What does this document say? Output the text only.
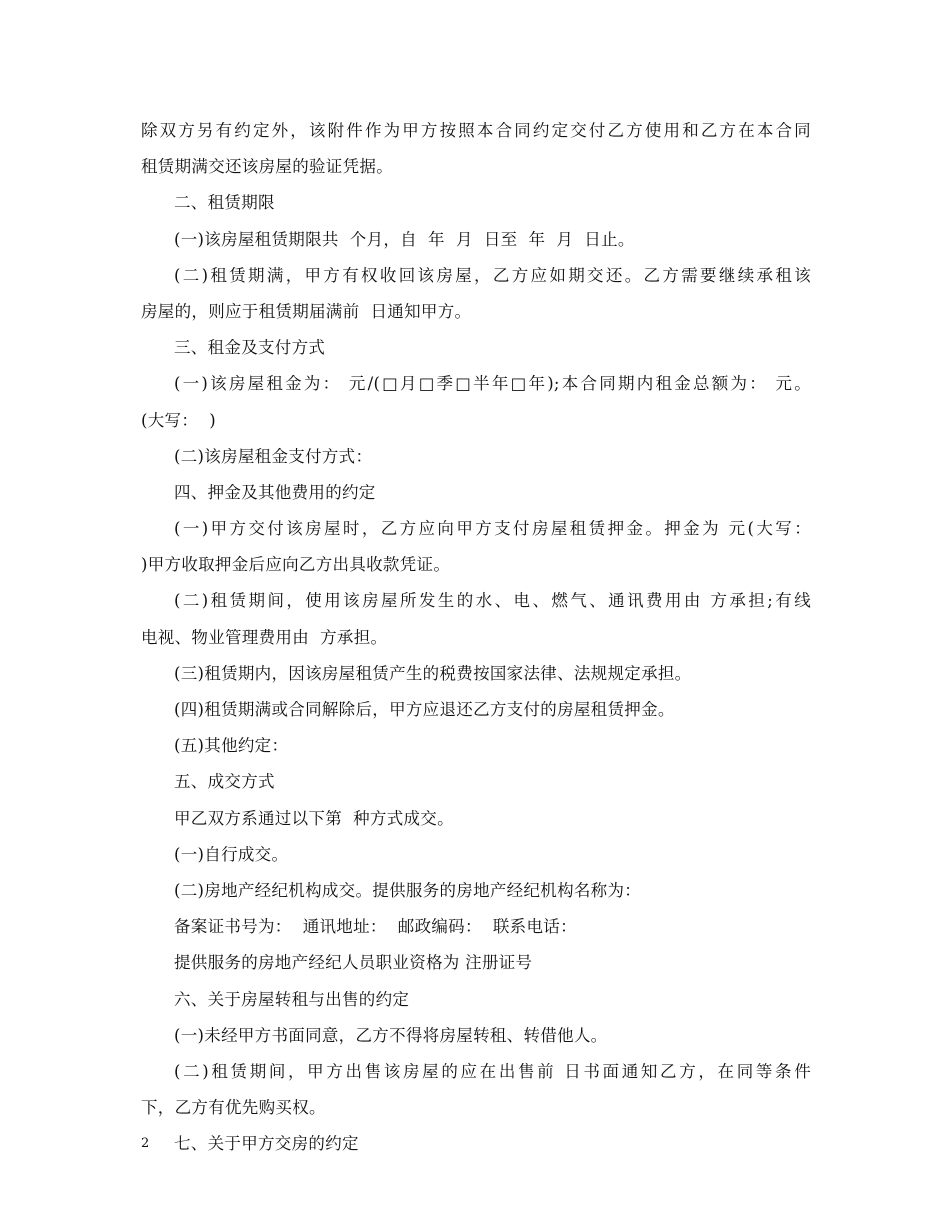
除双方另有约定外，该附件作为甲方按照本合同约定交付乙方使用和乙方在本合同
租赁期满交还该房屋的验证凭据。
二、租赁期限
(一)该房屋租赁期限共  个月，自  年  月  日至  年  月  日止。
(二)租赁期满，甲方有权收回该房屋，乙方应如期交还。乙方需要继续承租该
房屋的，则应于租赁期届满前  日通知甲方。
三、租金及支付方式
(一)该房屋租金为： 元/(□月□季□半年□年);本合同期内租金总额为： 元。
(大写：  )
(二)该房屋租金支付方式：
四、押金及其他费用的约定
(一)甲方交付该房屋时，乙方应向甲方支付房屋租赁押金。押金为 元(大写：
)甲方收取押金后应向乙方出具收款凭证。
(二)租赁期间，使用该房屋所发生的水、电、燃气、通讯费用由 方承担;有线
电视、物业管理费用由  方承担。
(三)租赁期内，因该房屋租赁产生的税费按国家法律、法规规定承担。
(四)租赁期满或合同解除后，甲方应退还乙方支付的房屋租赁押金。
(五)其他约定：
五、成交方式
甲乙双方系通过以下第  种方式成交。
(一)自行成交。
(二)房地产经纪机构成交。提供服务的房地产经纪机构名称为：
备案证书号为：  通讯地址：  邮政编码：  联系电话：
提供服务的房地产经纪人员职业资格为 注册证号
六、关于房屋转租与出售的约定
(一)未经甲方书面同意，乙方不得将房屋转租、转借他人。
(二)租赁期间，甲方出售该房屋的应在出售前 日书面通知乙方，在同等条件
下，乙方有优先购买权。
七、关于甲方交房的约定
2
